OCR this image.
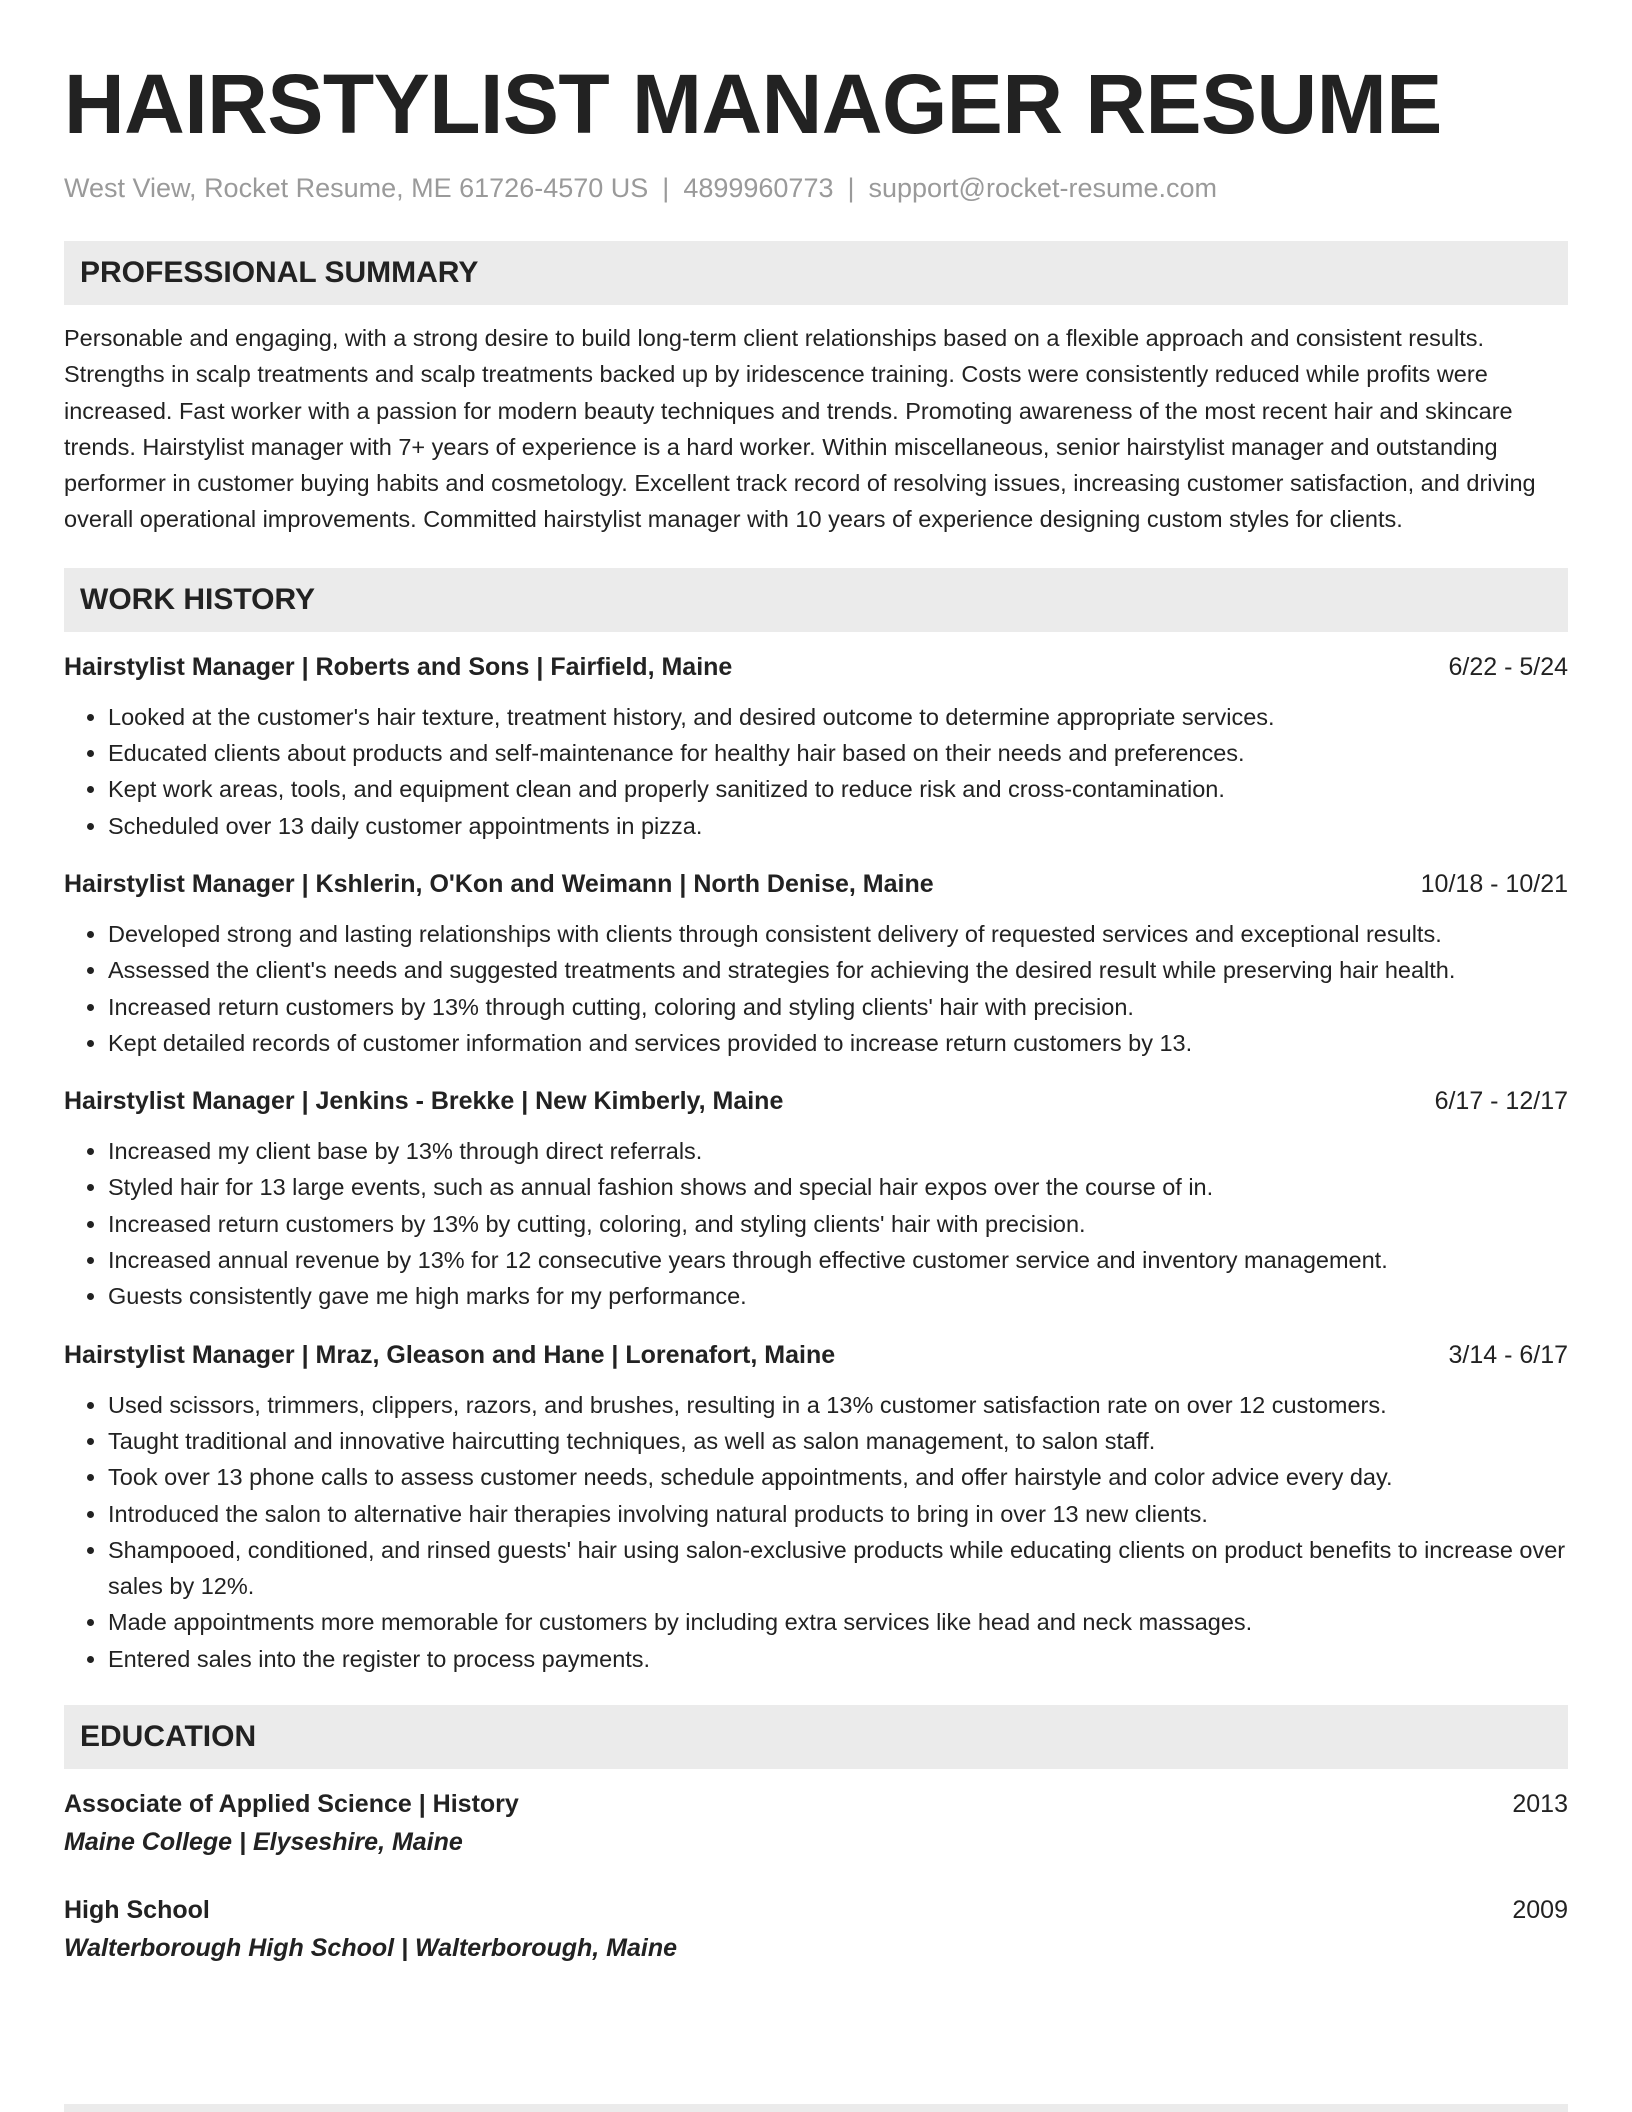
HAIRSTYLIST MANAGER RESUME
West View, Rocket Resume, ME 61726-4570 US | 4899960773 | support@rocket-resume.com
PROFESSIONAL SUMMARY

Personable and engaging, with a strong desire to build long-term client relationships based on a flexible approach and consistent results. Strengths in scalp treatments and scalp treatments backed up by iridescence training. Costs were consistently reduced while profits were increased. Fast worker with a passion for modern beauty techniques and trends. Promoting awareness of the most recent hair and skincare trends. Hairstylist manager with 7+ years of experience is a hard worker. Within miscellaneous, senior hairstylist manager and outstanding performer in customer buying habits and cosmetology. Excellent track record of resolving issues, increasing customer satisfaction, and driving overall operational improvements. Committed hairstylist manager with 10 years of experience designing custom styles for clients.

WORK HISTORY
Hairstylist Manager | Roberts and Sons | Fairfield, Maine	6/22 - 5/24
• Looked at the customer's hair texture, treatment history, and desired outcome to determine appropriate services.
• Educated clients about products and self-maintenance for healthy hair based on their needs and preferences.
• Kept work areas, tools, and equipment clean and properly sanitized to reduce risk and cross-contamination.
• Scheduled over 13 daily customer appointments in pizza.
Hairstylist Manager | Kshlerin, O'Kon and Weimann | North Denise, Maine	10/18 - 10/21
• Developed strong and lasting relationships with clients through consistent delivery of requested services and exceptional results.
• Assessed the client's needs and suggested treatments and strategies for achieving the desired result while preserving hair health.
• Increased return customers by 13% through cutting, coloring and styling clients' hair with precision.
• Kept detailed records of customer information and services provided to increase return customers by 13.
Hairstylist Manager | Jenkins - Brekke | New Kimberly, Maine	6/17 - 12/17
• Increased my client base by 13% through direct referrals.
• Styled hair for 13 large events, such as annual fashion shows and special hair expos over the course of in.
• Increased return customers by 13% by cutting, coloring, and styling clients' hair with precision.
• Increased annual revenue by 13% for 12 consecutive years through effective customer service and inventory management.
• Guests consistently gave me high marks for my performance.
Hairstylist Manager | Mraz, Gleason and Hane | Lorenafort, Maine	3/14 - 6/17
• Used scissors, trimmers, clippers, razors, and brushes, resulting in a 13% customer satisfaction rate on over 12 customers.
• Taught traditional and innovative haircutting techniques, as well as salon management, to salon staff.
• Took over 13 phone calls to assess customer needs, schedule appointments, and offer hairstyle and color advice every day.
• Introduced the salon to alternative hair therapies involving natural products to bring in over 13 new clients.
• Shampooed, conditioned, and rinsed guests' hair using salon-exclusive products while educating clients on product benefits to increase over sales by 12%.
• Made appointments more memorable for customers by including extra services like head and neck massages.
• Entered sales into the register to process payments.
EDUCATION
Associate of Applied Science | History	2013
Maine College | Elyseshire, Maine
High School	2009
Walterborough High School | Walterborough, Maine
